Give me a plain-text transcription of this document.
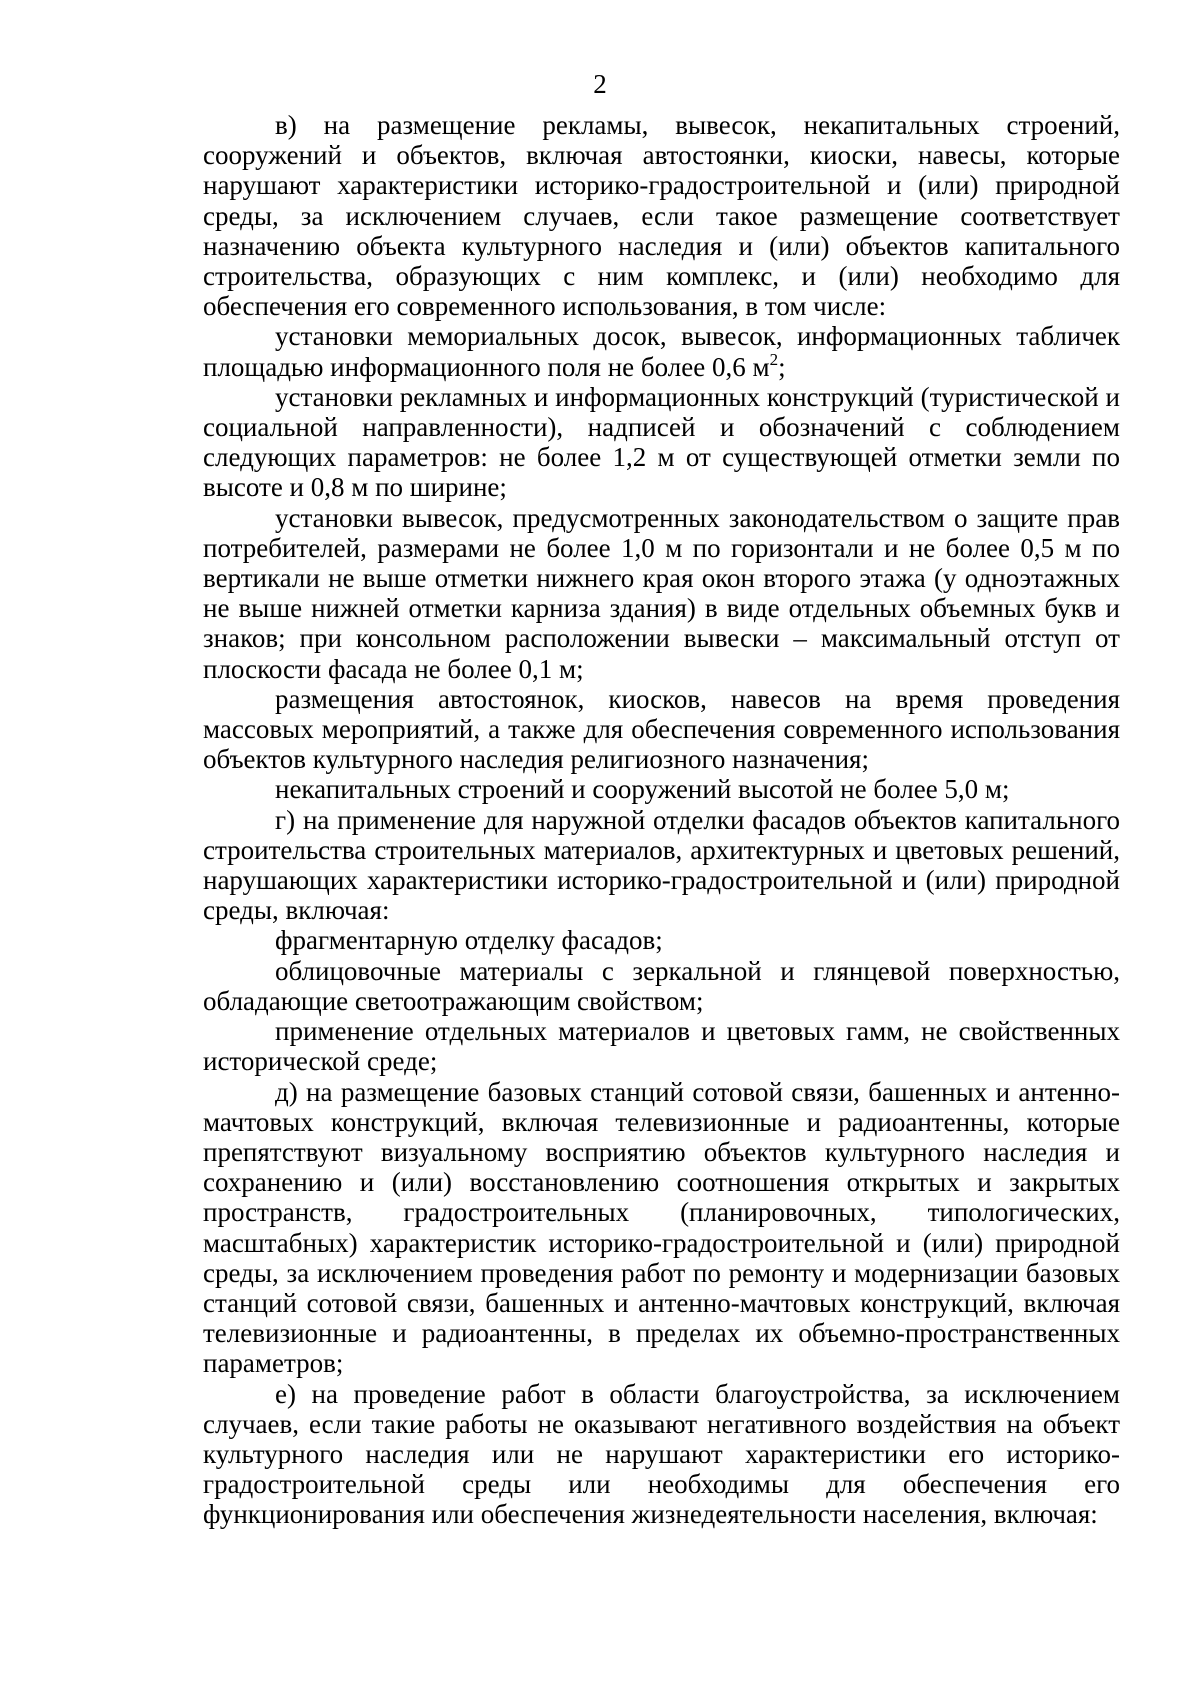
2

в) на размещение рекламы, вывесок, некапитальных строений, сооружений и объектов, включая автостоянки, киоски, навесы, которые нарушают характеристики историко-градостроительной и (или) природной среды, за исключением случаев, если такое размещение соответствует назначению объекта культурного наследия и (или) объектов капитального строительства, образующих с ним комплекс, и (или) необходимо для обеспечения его современного использования, в том числе:

установки мемориальных досок, вывесок, информационных табличек площадью информационного поля не более 0,6 $м^2$;

установки рекламных и информационных конструкций (туристической и социальной направленности), надписей и обозначений с соблюдением следующих параметров: не более 1,2 м от существующей отметки земли по высоте и 0,8 м по ширине;

установки вывесок, предусмотренных законодательством о защите прав потребителей, размерами не более 1,0 м по горизонтали и не более 0,5 м по вертикали не выше отметки нижнего края окон второго этажа (у одноэтажных не выше нижней отметки карниза здания) в виде отдельных объемных букв и знаков; при консольном расположении вывески – максимальный отступ от плоскости фасада не более 0,1 м;

размещения автостоянок, киосков, навесов на время проведения массовых мероприятий, а также для обеспечения современного использования объектов культурного наследия религиозного назначения;

некапитальных строений и сооружений высотой не более 5,0 м;

г) на применение для наружной отделки фасадов объектов капитального строительства строительных материалов, архитектурных и цветовых решений, нарушающих характеристики историко-градостроительной и (или) природной среды, включая:

фрагментарную отделку фасадов;

облицовочные материалы с зеркальной и глянцевой поверхностью, обладающие светоотражающим свойством;

применение отдельных материалов и цветовых гамм, не свойственных исторической среде;

д) на размещение базовых станций сотовой связи, башенных и антенно-мачтовых конструкций, включая телевизионные и радиоантенны, которые препятствуют визуальному восприятию объектов культурного наследия и сохранению и (или) восстановлению соотношения открытых и закрытых пространств, градостроительных (планировочных, типологических, масштабных) характеристик историко-градостроительной и (или) природной среды, за исключением проведения работ по ремонту и модернизации базовых станций сотовой связи, башенных и антенно-мачтовых конструкций, включая телевизионные и радиоантенны, в пределах их объемно-пространственных параметров;

е) на проведение работ в области благоустройства, за исключением случаев, если такие работы не оказывают негативного воздействия на объект культурного наследия или не нарушают характеристики его историко-градостроительной среды или необходимы для обеспечения его функционирования или обеспечения жизнедеятельности населения, включая:
